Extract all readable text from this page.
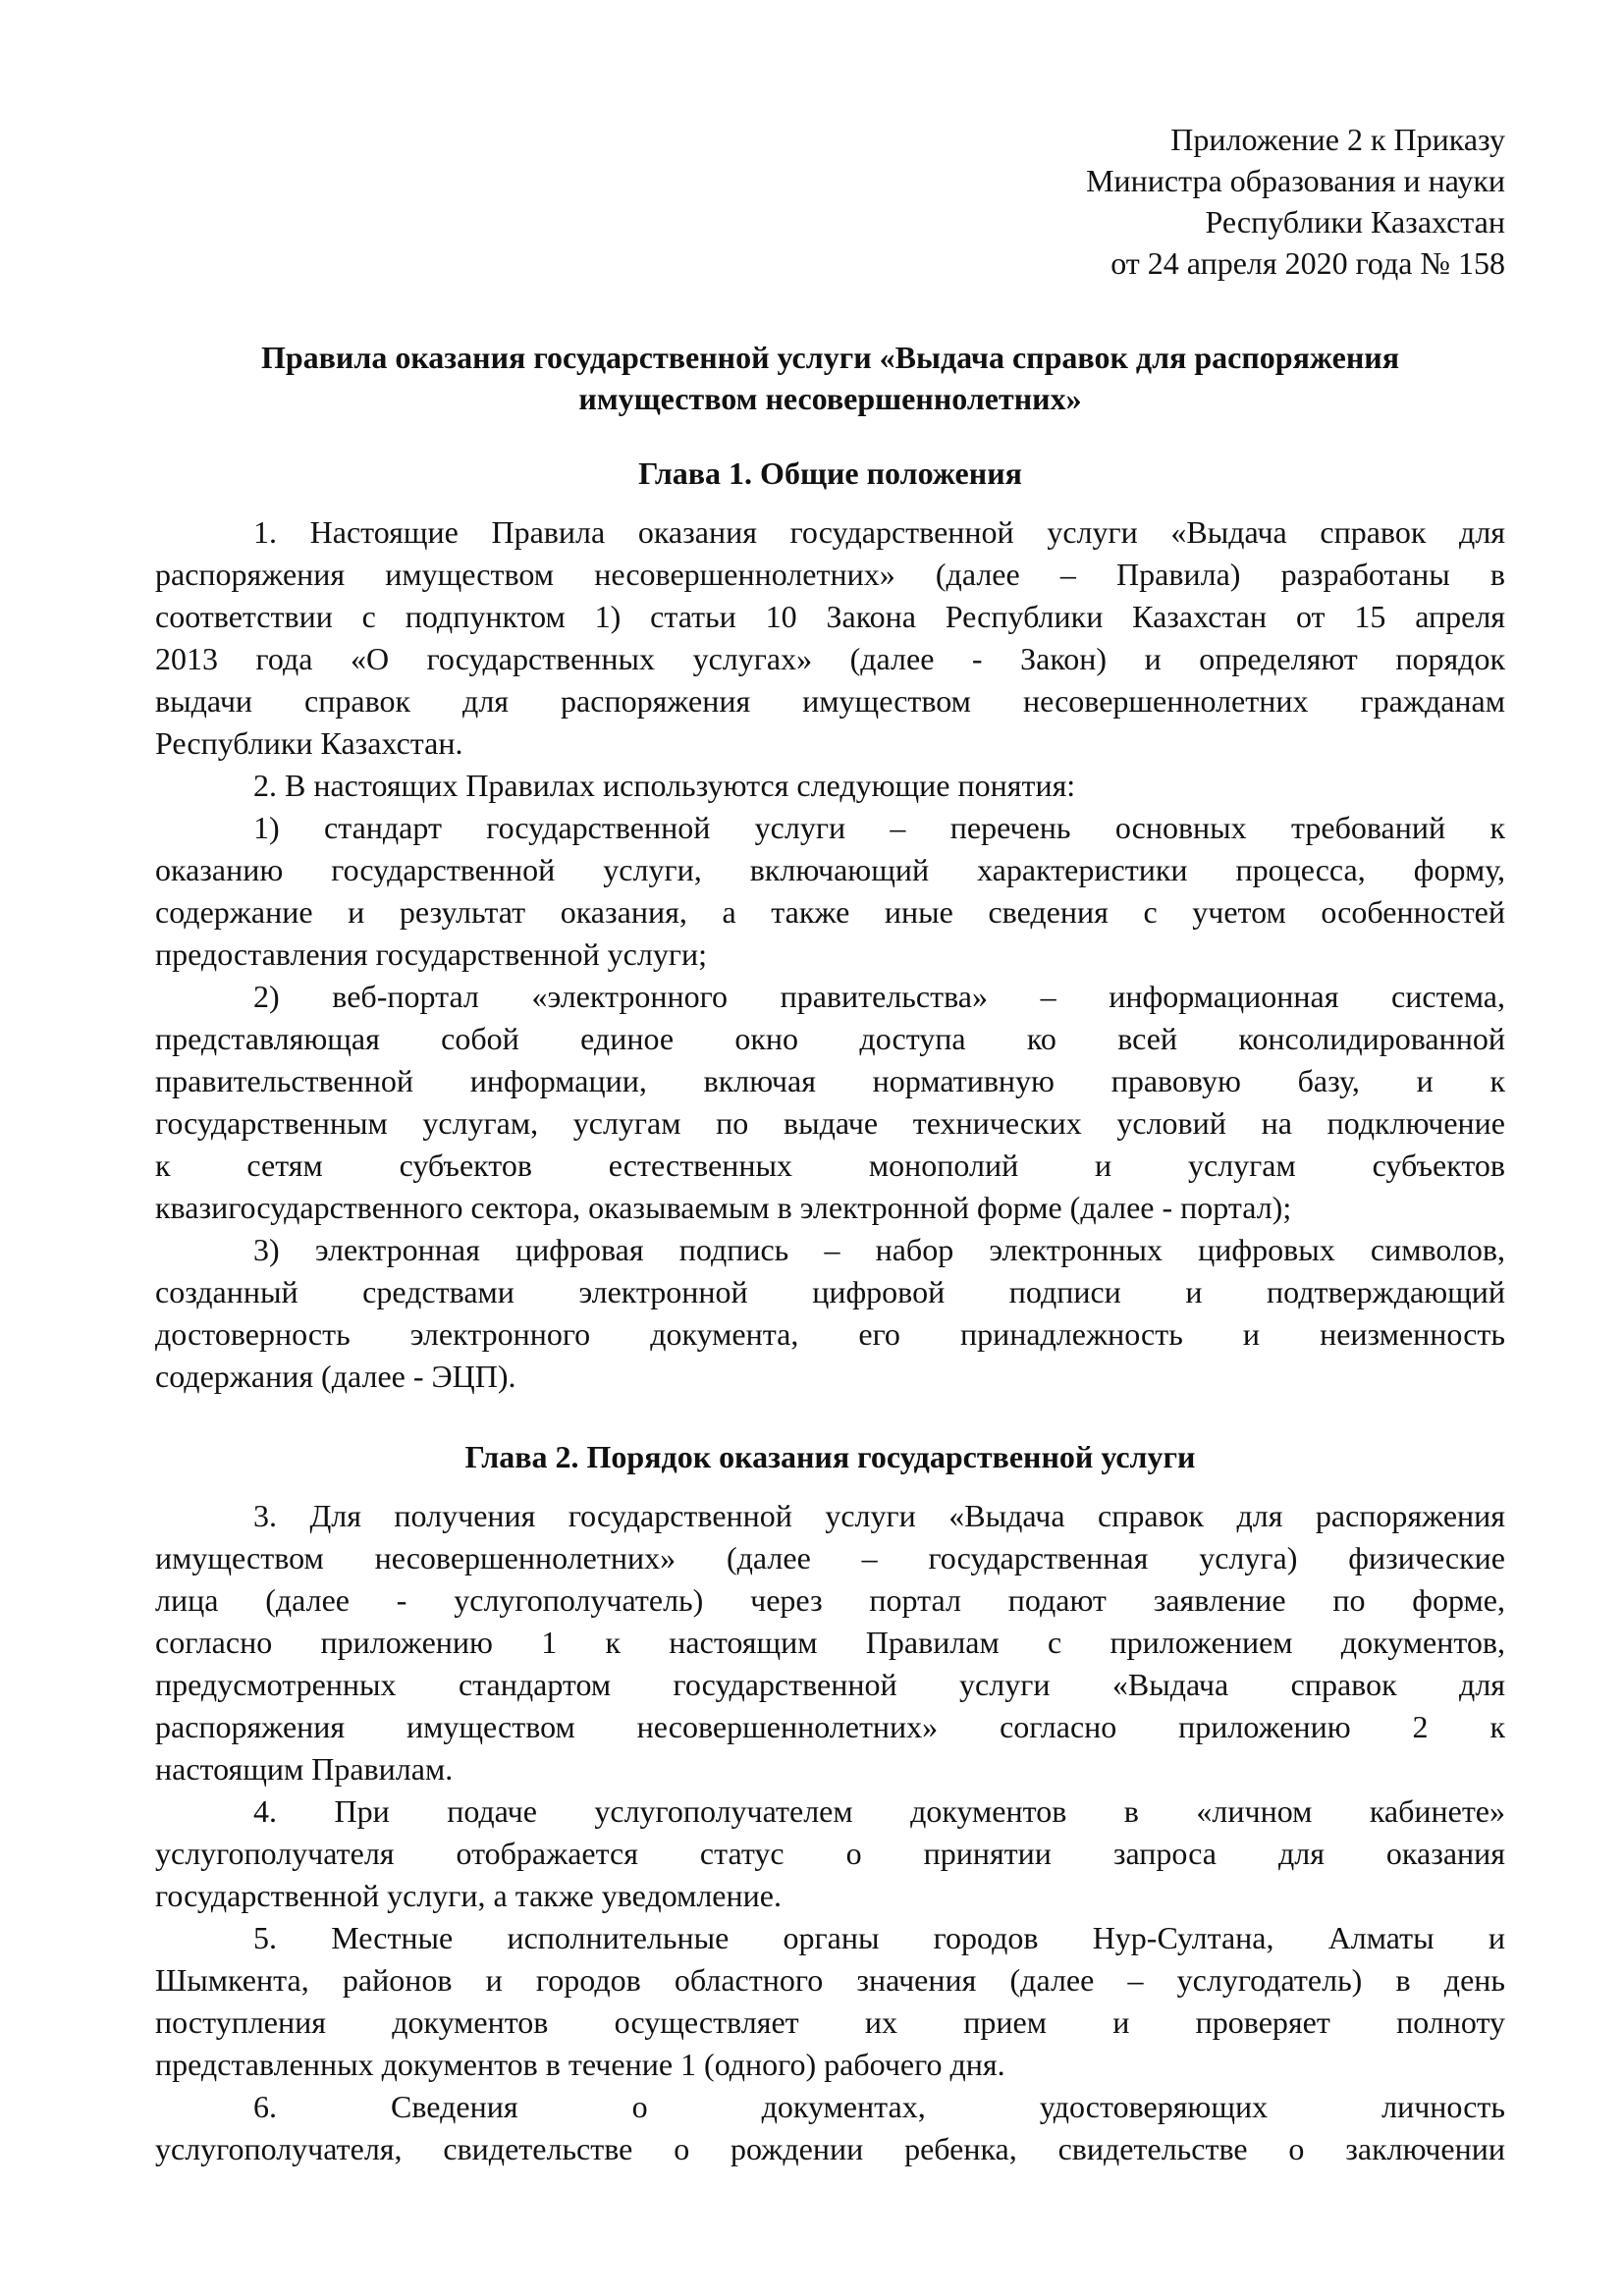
Приложение 2 к Приказу
Министра образования и науки
Республики Казахстан
от 24 апреля 2020 года № 158
Правила оказания государственной услуги «Выдача справок для распоряжения
имуществом несовершеннолетних»
Глава 1. Общие положения
1. Настоящие Правила оказания государственной услуги «Выдача справок для
распоряжения имуществом несовершеннолетних» (далее – Правила) разработаны в
соответствии с подпунктом 1) статьи 10 Закона Республики Казахстан от 15 апреля
2013 года «О государственных услугах» (далее - Закон) и определяют порядок
выдачи справок для распоряжения имуществом несовершеннолетних гражданам
Республики Казахстан.
2. В настоящих Правилах используются следующие понятия:
1) стандарт государственной услуги – перечень основных требований к
оказанию государственной услуги, включающий характеристики процесса, форму,
содержание и результат оказания, а также иные сведения с учетом особенностей
предоставления государственной услуги;
2) веб-портал «электронного правительства» – информационная система,
представляющая собой единое окно доступа ко всей консолидированной
правительственной информации, включая нормативную правовую базу, и к
государственным услугам, услугам по выдаче технических условий на подключение
к сетям субъектов естественных монополий и услугам субъектов
квазигосударственного сектора, оказываемым в электронной форме (далее - портал);
3) электронная цифровая подпись – набор электронных цифровых символов,
созданный средствами электронной цифровой подписи и подтверждающий
достоверность электронного документа, его принадлежность и неизменность
содержания (далее - ЭЦП).
Глава 2. Порядок оказания государственной услуги
3. Для получения государственной услуги «Выдача справок для распоряжения
имуществом несовершеннолетних» (далее – государственная услуга) физические
лица (далее - услугополучатель) через портал подают заявление по форме,
согласно приложению 1 к настоящим Правилам с приложением документов,
предусмотренных стандартом государственной услуги «Выдача справок для
распоряжения имуществом несовершеннолетних» согласно приложению 2 к
настоящим Правилам.
4. При подаче услугополучателем документов в «личном кабинете»
услугополучателя отображается статус о принятии запроса для оказания
государственной услуги, а также уведомление.
5. Местные исполнительные органы городов Нур-Султана, Алматы и
Шымкента, районов и городов областного значения (далее – услугодатель) в день
поступления документов осуществляет их прием и проверяет полноту
представленных документов в течение 1 (одного) рабочего дня.
6. Сведения о документах, удостоверяющих личность
услугополучателя, свидетельстве о рождении ребенка, свидетельстве о заключении
